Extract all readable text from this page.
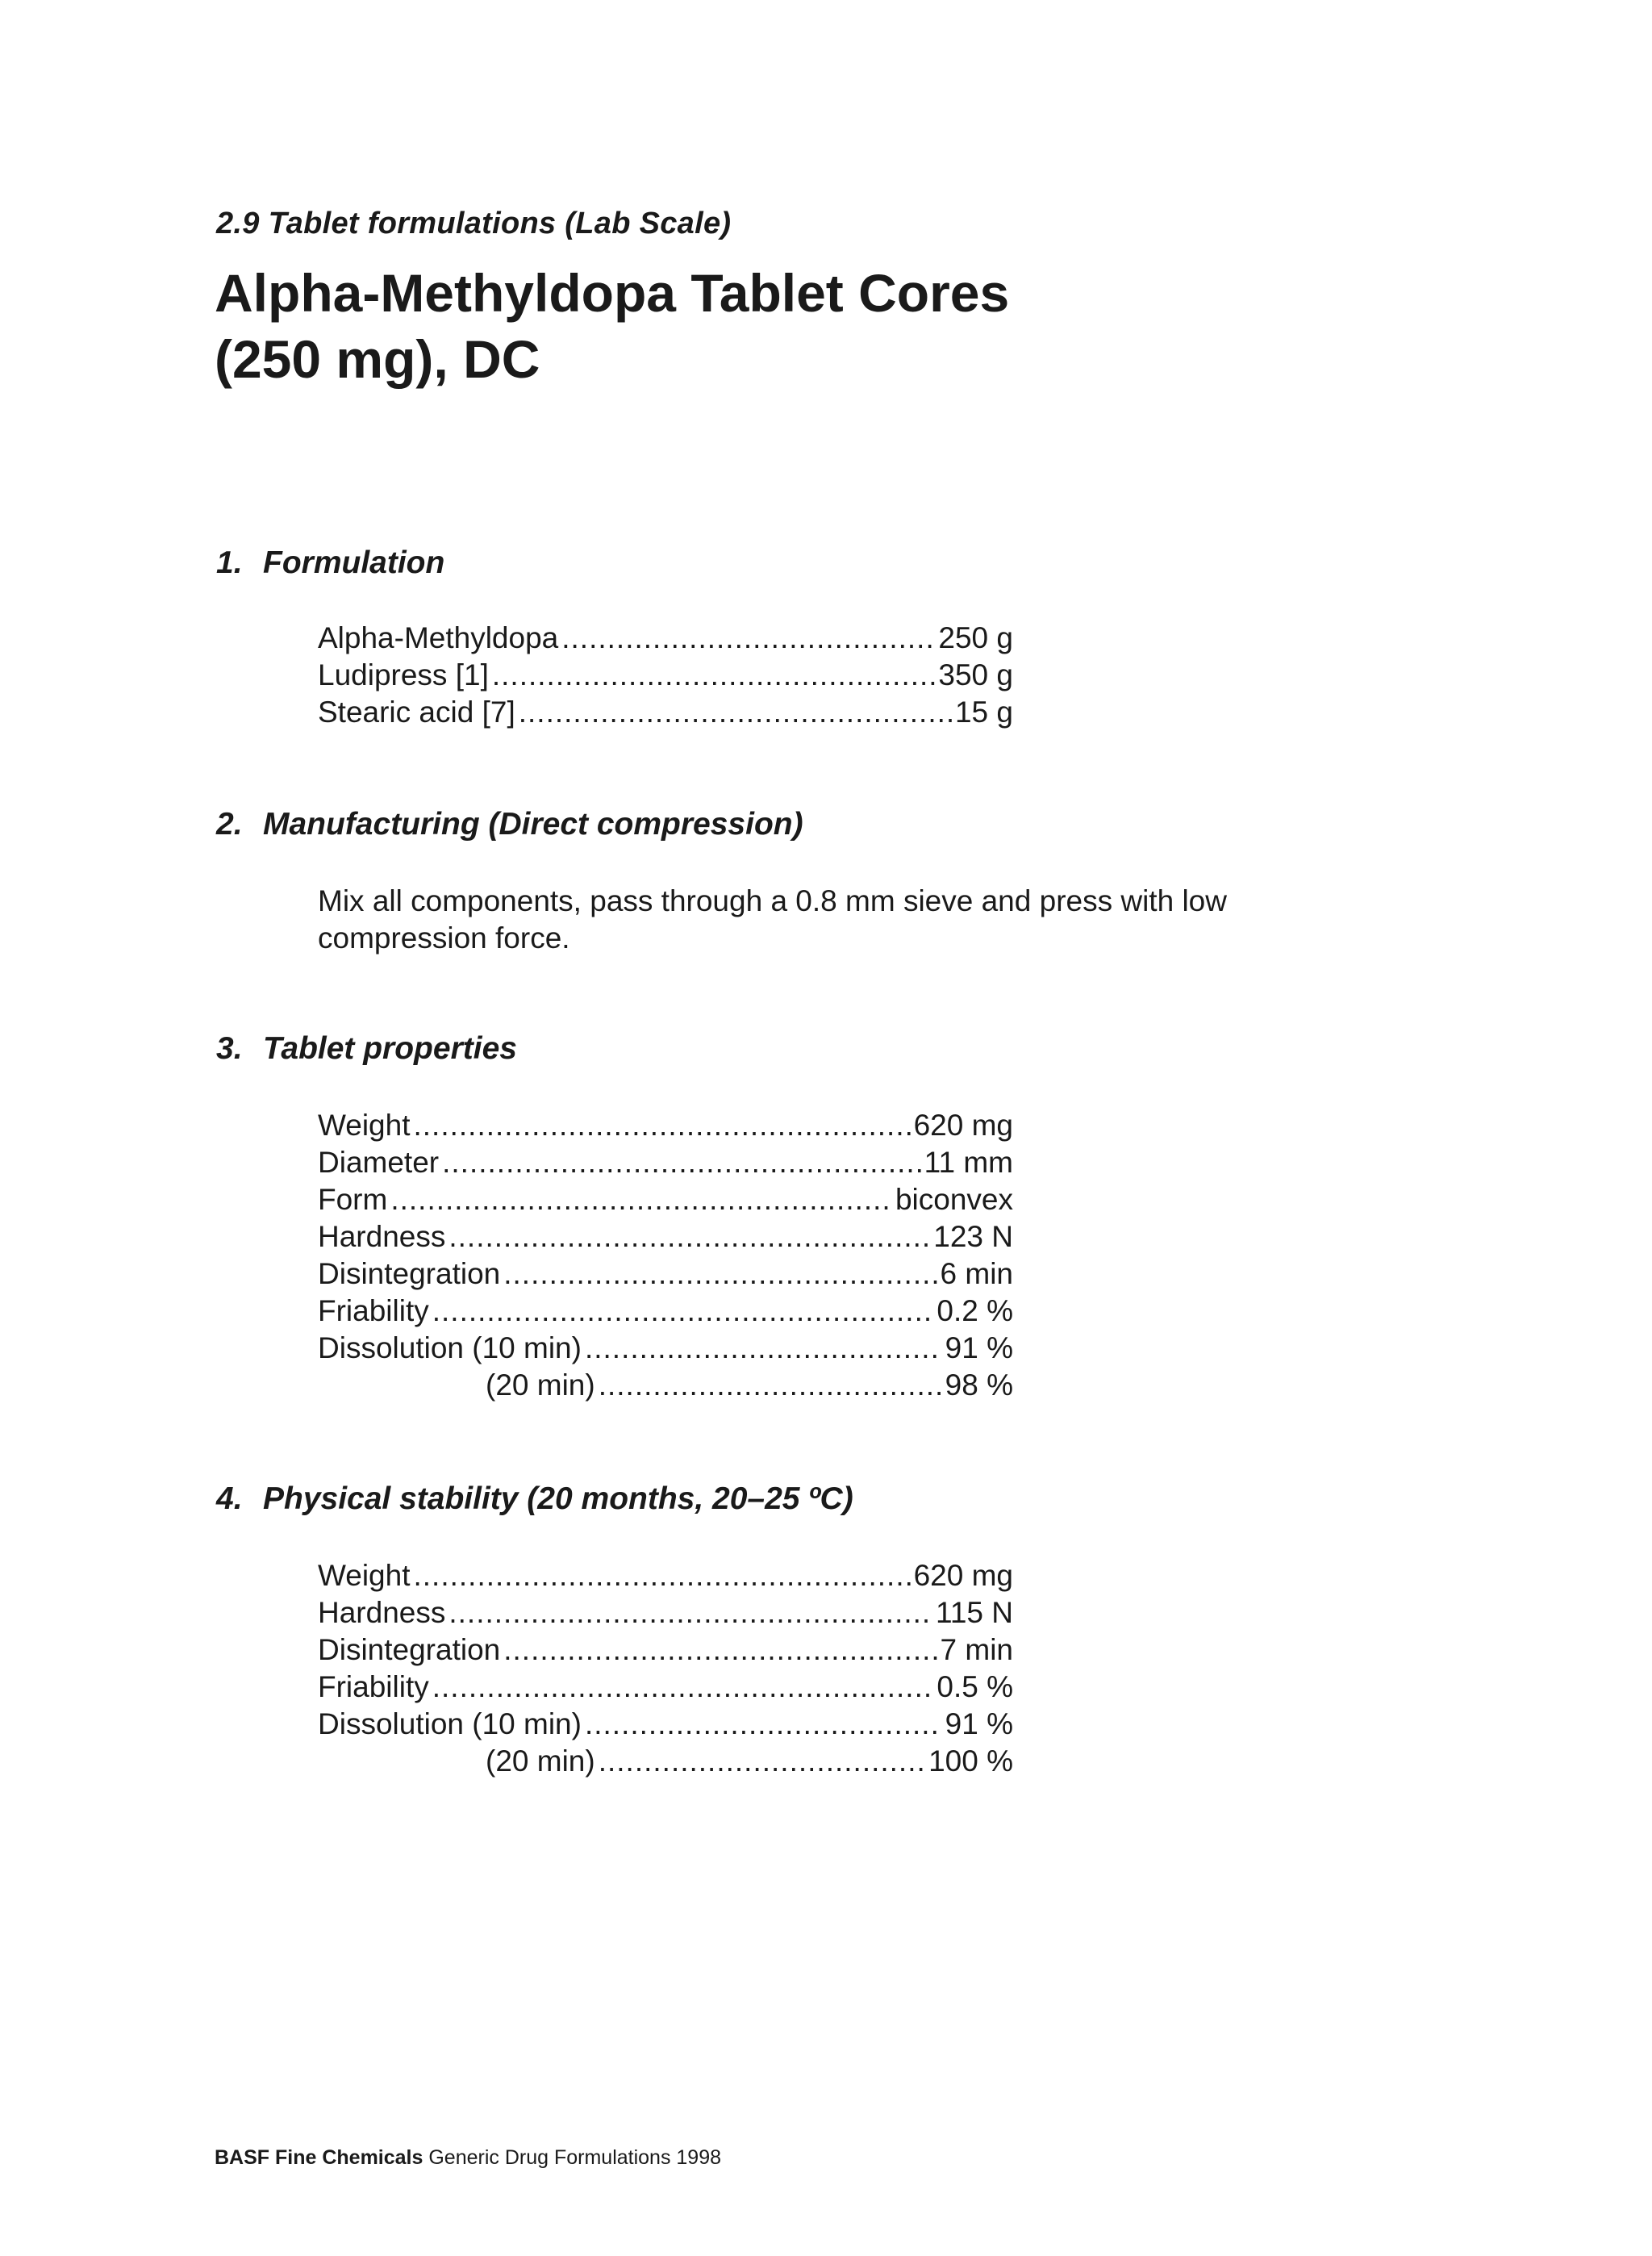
2.9 Tablet formulations (Lab Scale)
Alpha-Methyldopa Tablet Cores
(250 mg), DC
1. Formulation
Alpha-Methyldopa .....	250 g
Ludipress [1] .....	350 g
Stearic acid [7] .....	15 g
2. Manufacturing (Direct compression)
Mix all components, pass through a 0.8 mm sieve and press with low compression force.
3. Tablet properties
Weight .....	620 mg
Diameter .....	11 mm
Form .....	biconvex
Hardness .....	123 N
Disintegration .....	6 min
Friability .....	0.2 %
Dissolution (10 min) .....	91 %
(20 min) .....	98 %
4. Physical stability (20 months, 20–25 ºC)
Weight .....	620 mg
Hardness .....	115 N
Disintegration .....	7 min
Friability .....	0.5 %
Dissolution (10 min) .....	91 %
(20 min) .....	100 %
BASF Fine Chemicals Generic Drug Formulations 1998
